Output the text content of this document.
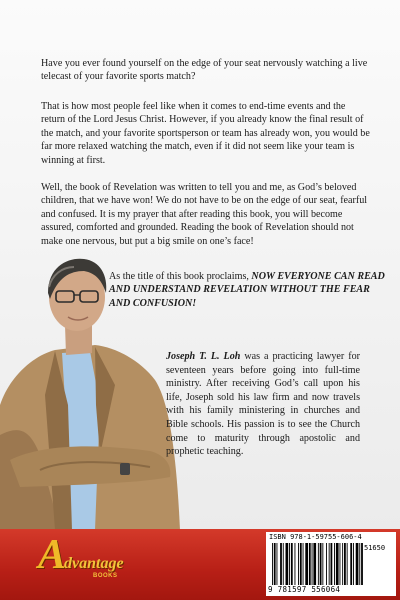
Have you ever found yourself on the edge of your seat nervously watching a live telecast of your favorite sports match?

That is how most people feel like when it comes to end-time events and the return of the Lord Jesus Christ. However, if you already know the final result of the match, and your favorite sportsperson or team has already won, you would be far more relaxed watching the match, even if it did not seem like your team is winning at first.

Well, the book of Revelation was written to tell you and me, as God’s beloved children, that we have won! We do not have to be on the edge of our seat, fearful and confused. It is my prayer that after reading this book, you will become assured, comforted and grounded. Reading the book of Revelation should not make one nervous, but put a big smile on one’s face!

As the title of this book proclaims, NOW EVERYONE CAN READ AND UNDERSTAND REVELATION WITHOUT THE FEAR AND CONFUSION!

Joseph T. L. Loh was a practicing lawyer for seventeen years before going into full-time ministry. After receiving God’s call upon his life, Joseph sold his law firm and now travels with his family ministering in churches and Bible schools. His passion is to see the Church come to maturity through apostolic and prophetic teaching.

A
dvantage
BOOKS
ISBN 978-1-59755-606-4
51650
9 781597 556064
